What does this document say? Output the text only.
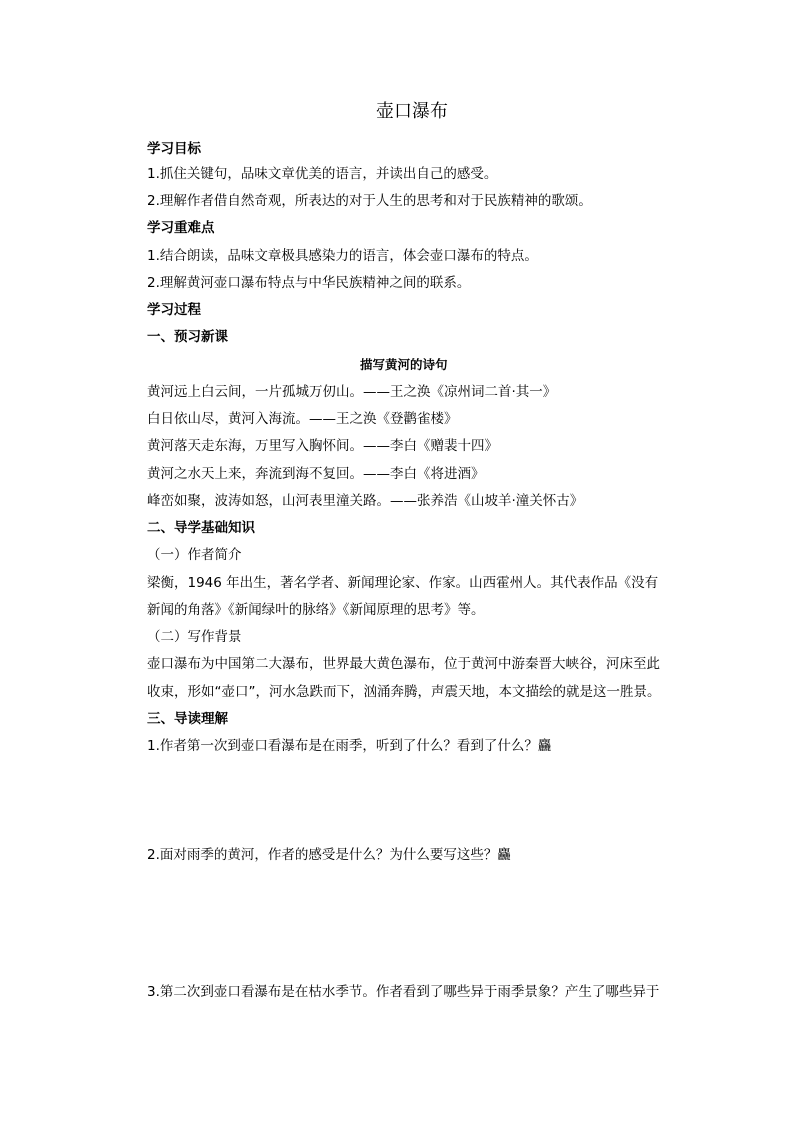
壶口瀑布
学习目标
1.抓住关键句，品味文章优美的语言，并读出自己的感受。
2.理解作者借自然奇观，所表达的对于人生的思考和对于民族精神的歌颂。
学习重难点
1.结合朗读，品味文章极具感染力的语言，体会壶口瀑布的特点。
2.理解黄河壶口瀑布特点与中华民族精神之间的联系。
学习过程
一、预习新课
描写黄河的诗句
黄河远上白云间，一片孤城万仞山。——王之涣《凉州词二首·其一》
白日依山尽，黄河入海流。——王之涣《登鹳雀楼》
黄河落天走东海，万里写入胸怀间。——李白《赠裴十四》
黄河之水天上来，奔流到海不复回。——李白《将进酒》
峰峦如聚，波涛如怒，山河表里潼关路。——张养浩《山坡羊·潼关怀古》
二、导学基础知识
（一）作者简介
梁衡，1946 年出生，著名学者、新闻理论家、作家。山西霍州人。其代表作品《没有
新闻的角落》《新闻绿叶的脉络》《新闻原理的思考》等。
（二）写作背景
壶口瀑布为中国第二大瀑布，世界最大黄色瀑布，位于黄河中游秦晋大峡谷，河床至此
收束，形如“壶口”，河水急跌而下，汹涌奔腾，声震天地，本文描绘的就是这一胜景。
三、导读理解
1.作者第一次到壶口看瀑布是在雨季，听到了什么？看到了什么？麤
2.面对雨季的黄河，作者的感受是什么？为什么要写这些？麤
3.第二次到壶口看瀑布是在枯水季节。作者看到了哪些异于雨季景象？产生了哪些异于
